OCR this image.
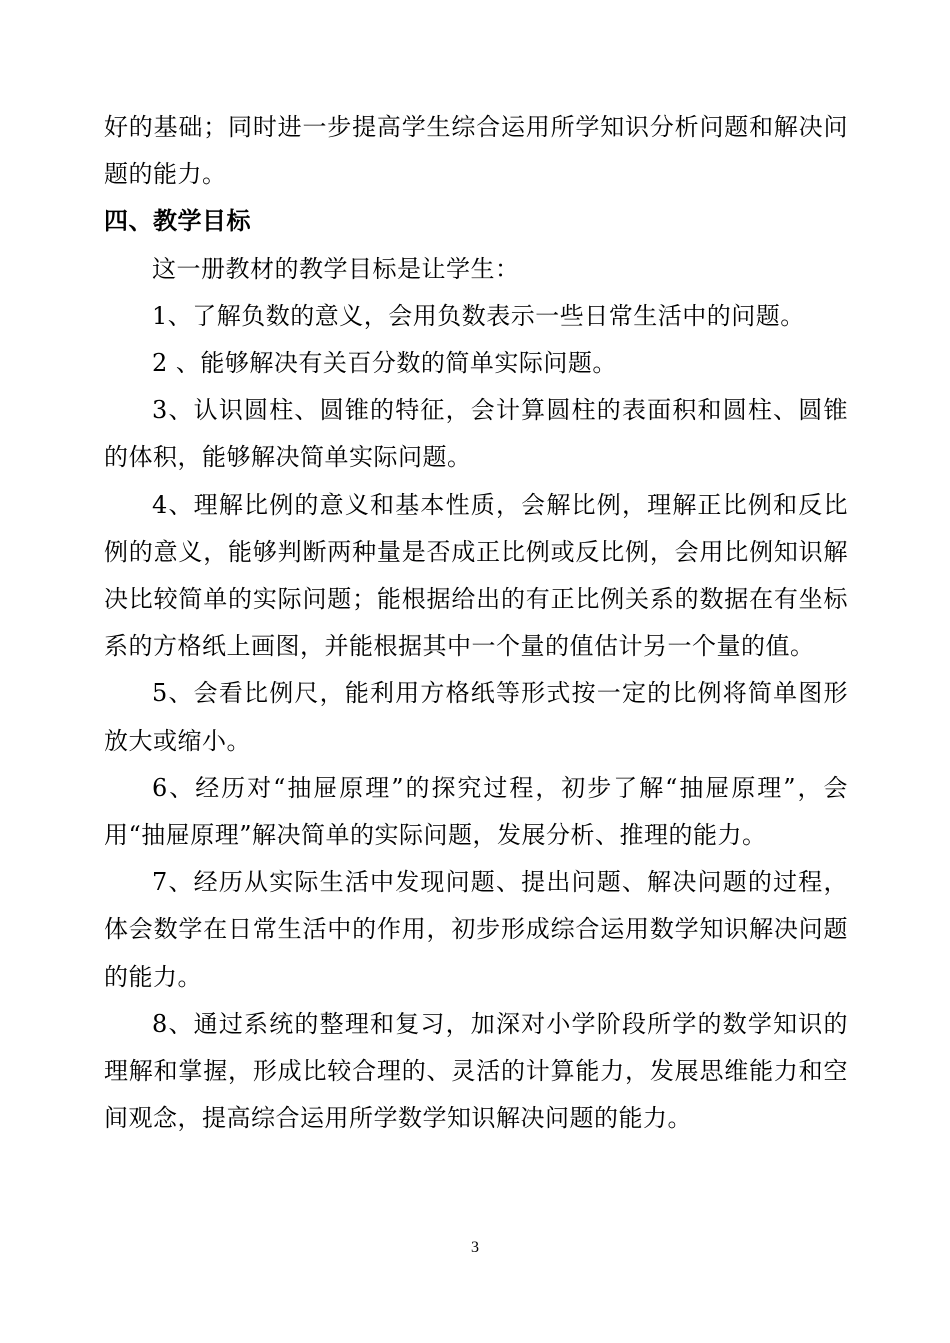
好的基础；同时进一步提高学生综合运用所学知识分析问题和解决问题的能力。

四、教学目标

这一册教材的教学目标是让学生：

1、了解负数的意义，会用负数表示一些日常生活中的问题。

2 、能够解决有关百分数的简单实际问题。

3、认识圆柱、圆锥的特征，会计算圆柱的表面积和圆柱、圆锥的体积，能够解决简单实际问题。

4、理解比例的意义和基本性质，会解比例，理解正比例和反比例的意义，能够判断两种量是否成正比例或反比例，会用比例知识解决比较简单的实际问题；能根据给出的有正比例关系的数据在有坐标系的方格纸上画图，并能根据其中一个量的值估计另一个量的值。

5、会看比例尺，能利用方格纸等形式按一定的比例将简单图形放大或缩小。

6、经历对“抽屉原理”的探究过程，初步了解“抽屉原理”，会用“抽屉原理”解决简单的实际问题，发展分析、推理的能力。

7、经历从实际生活中发现问题、提出问题、解决问题的过程，体会数学在日常生活中的作用，初步形成综合运用数学知识解决问题的能力。

8、通过系统的整理和复习，加深对小学阶段所学的数学知识的理解和掌握，形成比较合理的、灵活的计算能力，发展思维能力和空间观念，提高综合运用所学数学知识解决问题的能力。

3
